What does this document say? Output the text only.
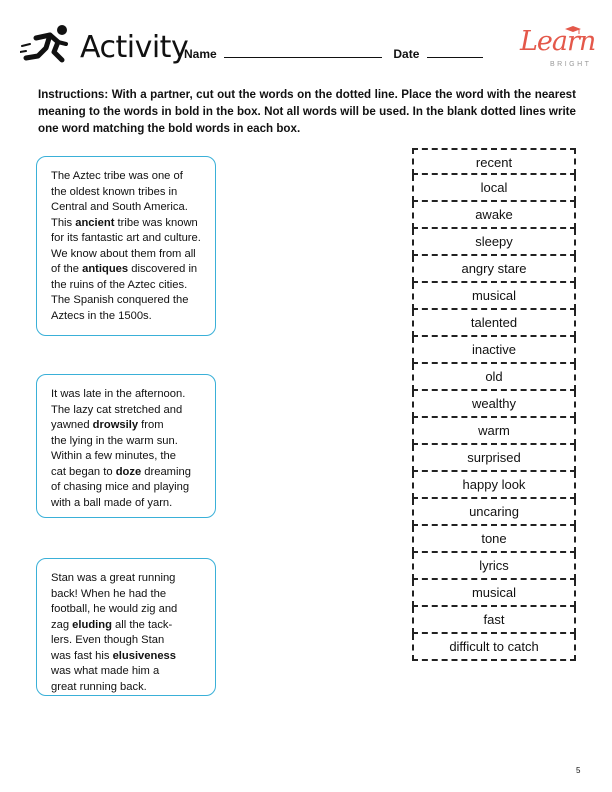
Activity
Name	Date	Learn
BRIGHT
Instructions: With a partner, cut out the words on the dotted line. Place the word with the nearest meaning to the words in bold in the box. Not all words will be used. In the blank dotted lines write one word matching the bold words in each box.
The Aztec tribe was one of
the oldest known tribes in
Central and South America.
This ancient tribe was known
for its fantastic art and culture.
We know about them from all
of the antiques discovered in
the ruins of the Aztec cities.
The Spanish conquered the
Aztecs in the 1500s.
It was late in the afternoon.
The lazy cat stretched and
yawned drowsily from
the lying in the warm sun.
Within a few minutes, the
cat began to doze dreaming
of chasing mice and playing
with a ball made of yarn.
Stan was a great running
back! When he had the
football, he would zig and
zag eluding all the tack-
lers. Even though Stan
was fast his elusiveness
was what made him a
great running back.
recent
local
awake
sleepy
angry stare
musical
talented
inactive
old
wealthy
warm
surprised
happy look
uncaring
tone
lyrics
musical
fast
difficult to catch
5
